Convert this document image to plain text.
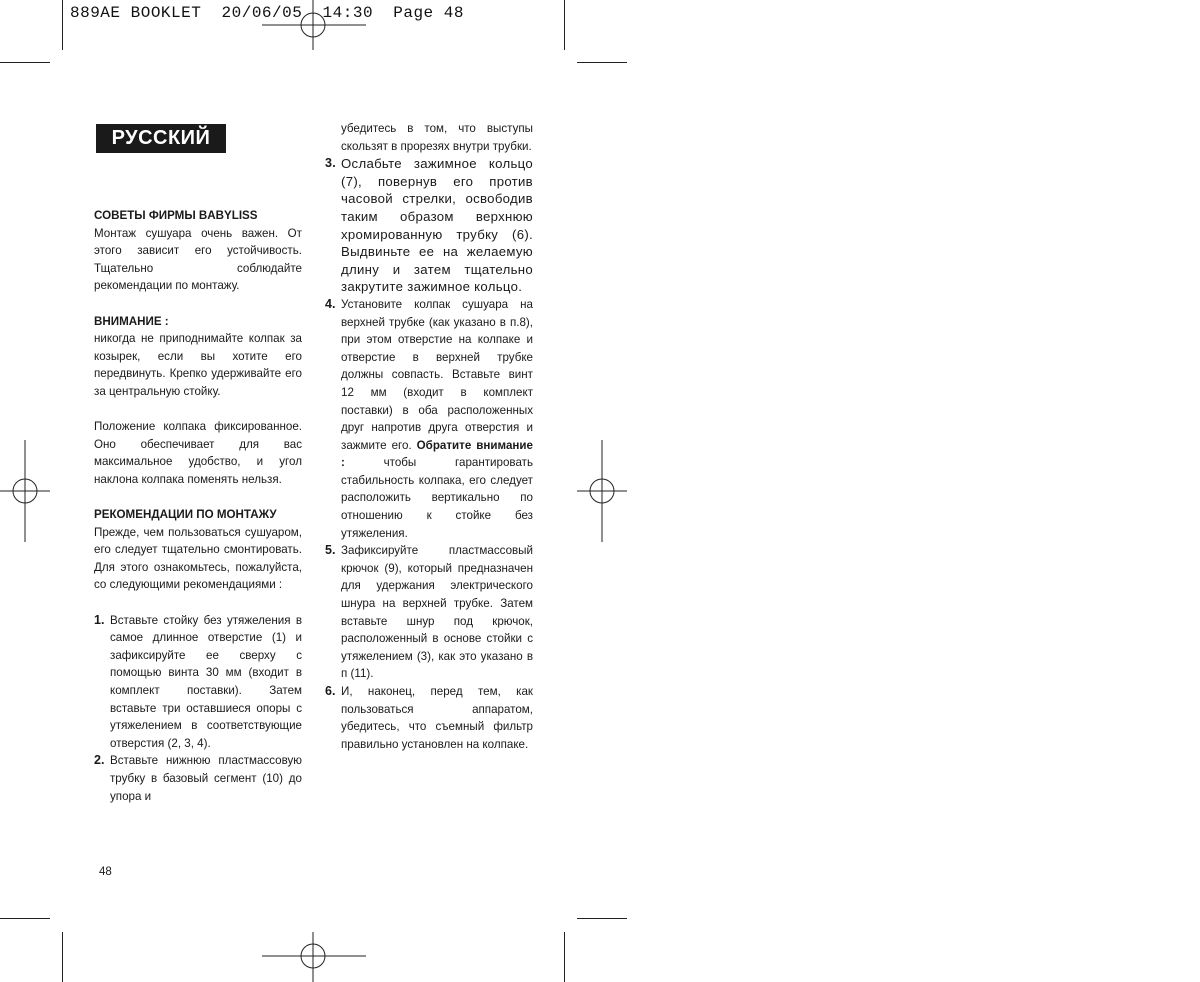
889AE BOOKLET  20/06/05  14:30  Page 48
РУССКИЙ

СОВЕТЫ ФИРМЫ BABYLISS

Монтаж сушуара очень важен. От этого зависит его устойчивость. Тщательно соблюдайте рекомендации по монтажу.

ВНИМАНИЕ :

никогда не приподнимайте колпак за козырек, если вы хотите его передвинуть. Крепко удерживайте его за центральную стойку.

Положение колпака фиксированное. Оно обеспечивает для вас максимальное удобство, и угол наклона колпака поменять нельзя.

РЕКОМЕНДАЦИИ ПО МОНТАЖУ

Прежде, чем пользоваться сушуаром, его следует тщательно смонтировать. Для этого ознакомьтесь, пожалуйста, со следующими рекомендациями :

1. Вставьте стойку без утяжеления в самое длинное отверстие (1) и зафиксируйте ее сверху с помощью винта 30 мм (входит в комплект поставки). Затем вставьте три оставшиеся опоры с утяжелением в соответствующие отверстия (2, 3, 4).
2. Вставьте нижнюю пластмассовую трубку в базовый сегмент (10) до упора и
убедитесь в том, что выступы скользят в прорезях внутри трубки.
3. Ослабьте зажимное кольцо (7), повернув его против часовой стрелки, освободив таким образом верхнюю хромированную трубку (6). Выдвиньте ее на желаемую длину и затем тщательно закрутите зажимное кольцо.
4. Установите колпак сушуара на верхней трубке (как указано в п.8), при этом отверстие на колпаке и отверстие в верхней трубке должны совпасть. Вставьте винт 12 мм (входит в комплект поставки) в оба расположенных друг напротив друга отверстия и зажмите его. Обратите внимание : чтобы гарантировать стабильность колпака, его следует расположить вертикально по отношению к стойке без утяжеления.
5. Зафиксируйте пластмассовый крючок (9), который предназначен для удержания электрического шнура на верхней трубке. Затем вставьте шнур под крючок, расположенный в основе стойки с утяжелением (3), как это указано в п (11).
6. И, наконец, перед тем, как пользоваться аппаратом, убедитесь, что съемный фильтр правильно установлен на колпаке.
48
